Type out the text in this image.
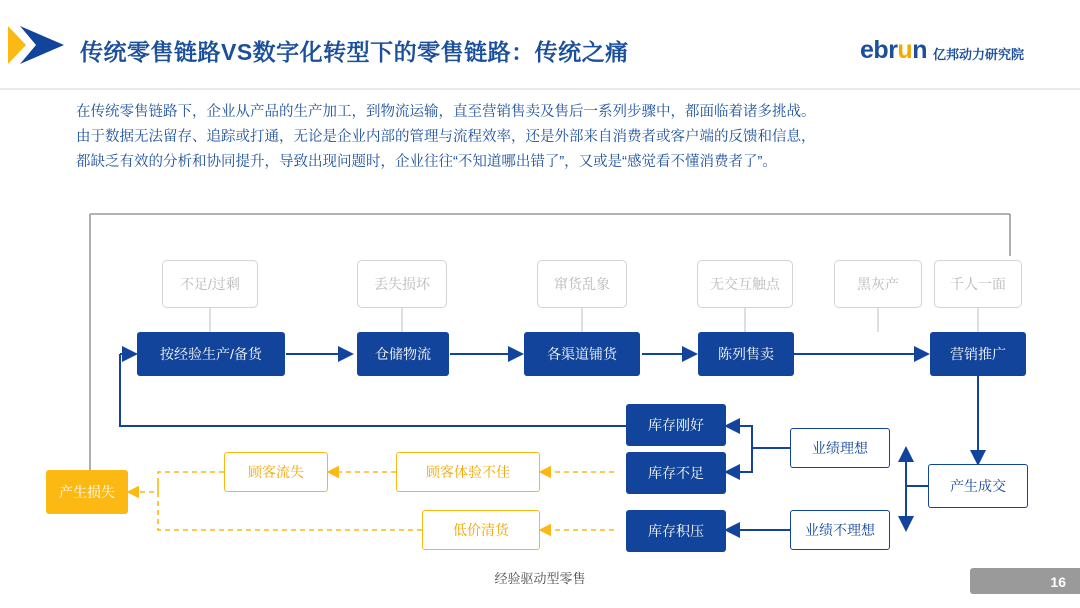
传统零售链路VS数字化转型下的零售链路：传统之痛	ebrun 亿邦动力研究院
在传统零售链路下，企业从产品的生产加工，到物流运输，直至营销售卖及售后一系列步骤中，都面临着诸多挑战。
由于数据无法留存、追踪或打通，无论是企业内部的管理与流程效率，还是外部来自消费者或客户端的反馈和信息，
都缺乏有效的分析和协同提升，导致出现问题时，企业往往“不知道哪出错了”，又或是“感觉看不懂消费者了”。
不足/过剩	丢失损坏	窜货乱象	无交互触点	黑灰产	千人一面
按经验生产/备货	仓储物流	各渠道铺货	陈列售卖	营销推广
库存刚好
库存不足
库存积压
业绩理想
业绩不理想
产生成交
顾客流失	顾客体验不佳
低价清货
产生损失
经验驱动型零售	16
